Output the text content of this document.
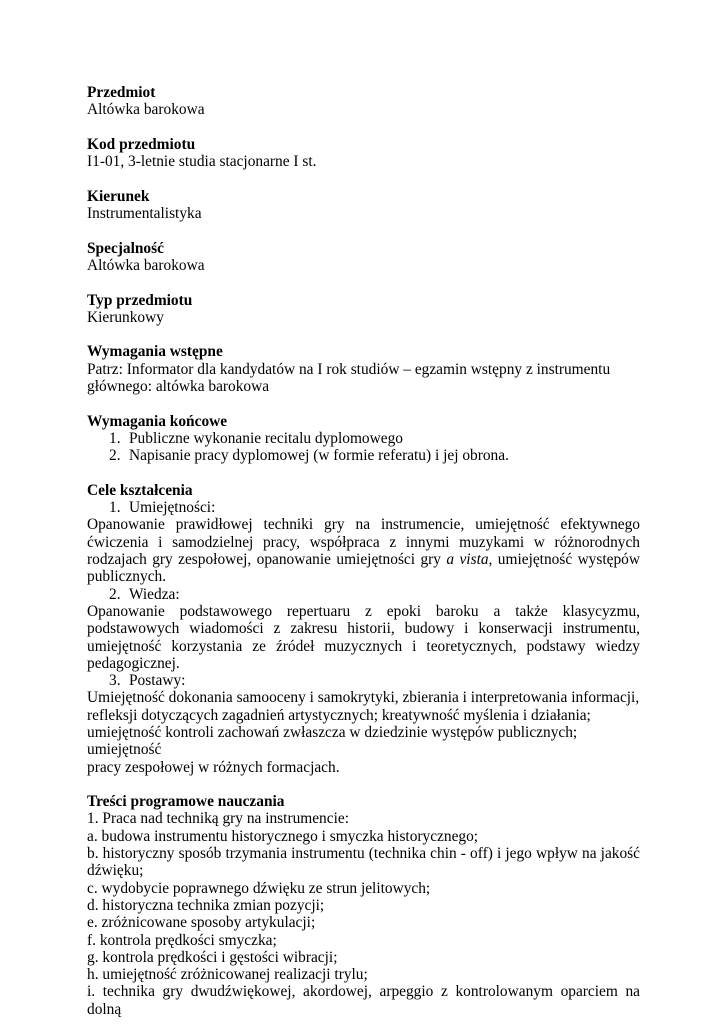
Przedmiot
Altówka barokowa
Kod przedmiotu
I1-01, 3-letnie studia stacjonarne I st.
Kierunek
Instrumentalistyka
Specjalność
Altówka barokowa
Typ przedmiotu
Kierunkowy
Wymagania wstępne
Patrz: Informator dla kandydatów na I rok studiów – egzamin wstępny z instrumentu
głównego: altówka barokowa
Wymagania końcowe
1. Publiczne wykonanie recitalu dyplomowego
2. Napisanie pracy dyplomowej (w formie referatu) i jej obrona.
Cele kształcenia
1. Umiejętności:
Opanowanie prawidłowej techniki gry na instrumencie, umiejętność efektywnego ćwiczenia i samodzielnej pracy, współpraca z innymi muzykami w różnorodnych rodzajach gry zespołowej, opanowanie umiejętności gry a vista, umiejętność występów publicznych.
2. Wiedza:
Opanowanie podstawowego repertuaru z epoki baroku a także klasycyzmu, podstawowych wiadomości z zakresu historii, budowy i konserwacji instrumentu, umiejętność korzystania ze źródeł muzycznych i teoretycznych, podstawy wiedzy pedagogicznej.
3. Postawy:
Umiejętność dokonania samooceny i samokrytyki, zbierania i interpretowania informacji,
refleksji dotyczących zagadnień artystycznych; kreatywność myślenia i działania;
umiejętność kontroli zachowań zwłaszcza w dziedzinie występów publicznych; umiejętność
pracy zespołowej w różnych formacjach.
Treści programowe nauczania
1. Praca nad techniką gry na instrumencie:
a. budowa instrumentu historycznego i smyczka historycznego;
b. historyczny sposób trzymania instrumentu (technika chin - off) i jego wpływ na jakość
dźwięku;
c. wydobycie poprawnego dźwięku ze strun jelitowych;
d. historyczna technika zmian pozycji;
e. zróżnicowane sposoby artykulacji;
f. kontrola prędkości smyczka;
g. kontrola prędkości i gęstości wibracji;
h. umiejętność zróżnicowanej realizacji trylu;
i. technika gry dwudźwiękowej, akordowej, arpeggio z kontrolowanym oparciem na dolną
